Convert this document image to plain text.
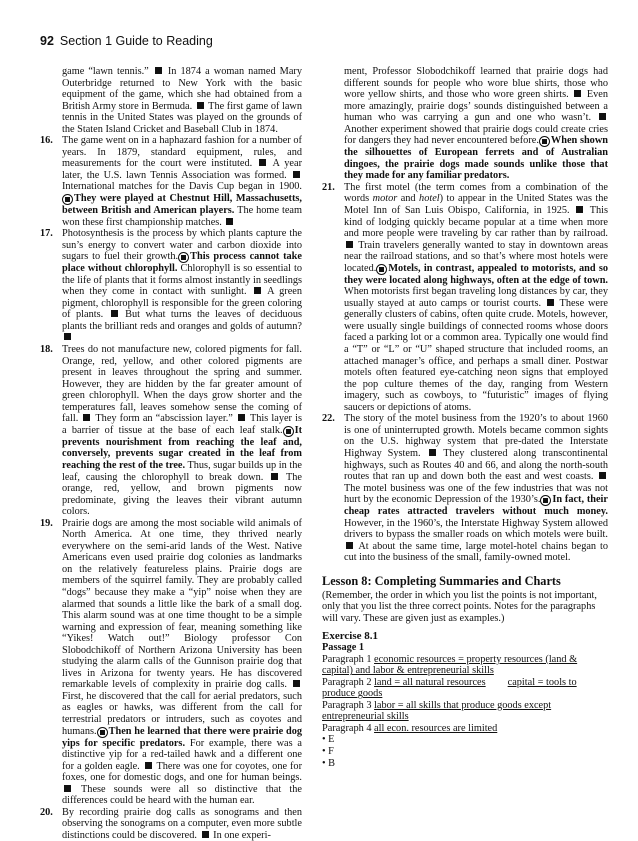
92 Section 1 Guide to Reading

game “lawn tennis.”  In 1874 a woman named Mary Outerbridge returned to New York with the basic equipment of the game, which she had obtained from a British Army store in Bermuda.  The first game of lawn tennis in the United States was played on the grounds of the Staten Island Cricket and Baseball Club in 1874.

16. The game went on in a haphazard fashion for a number of years. In 1879, standard equipment, rules, and measurements for the court were instituted.  A year later, the U.S. lawn Tennis Association was formed.  International matches for the Davis Cup began in 1900.
They were played at Chestnut Hill, Massachusetts, between British and American players. The home team won these first championship matches.

17. Photosynthesis is the process by which plants capture the sun’s energy to convert water and carbon dioxide into sugars to fuel their growth. This process cannot take place without chlorophyll. Chlorophyll is so essential to the life of plants that it forms almost instantly in seedlings when they come in contact with sunlight.  A green pigment, chlorophyll is responsible for the green coloring of plants.  But what turns the leaves of deciduous plants the brilliant reds and oranges and golds of autumn?

18. Trees do not manufacture new, colored pigments for fall. Orange, red, yellow, and other colored pigments are present in leaves throughout the spring and summer. However, they are hidden by the far greater amount of green chlorophyll. When the days grow shorter and the temperatures fall, leaves somehow sense the coming of fall.  They form an “abscission layer.”  This layer is a barrier of tissue at the base of each leaf stalk. It prevents nourishment from reaching the leaf and, conversely, prevents sugar created in the leaf from reaching the rest of the tree. Thus, sugar builds up in the leaf, causing the chlorophyll to break down.  The orange, red, yellow, and brown pigments now predominate, giving the leaves their vibrant autumn colors.

19. Prairie dogs are among the most sociable wild animals of North America. At one time, they thrived nearly everywhere on the semi-arid lands of the West. Native Americans even used prairie dog colonies as landmarks on the relatively featureless plains. Prairie dogs are members of the squirrel family. They are probably called “dogs” because they make a “yip” noise when they are alarmed that sounds a little like the bark of a small dog. This alarm sound was at one time thought to be a simple warning and expression of fear, meaning something like “Yikes! Watch out!” Biology professor Con Slobodchikoff of Northern Arizona University has been studying the alarm calls of the Gunnison prairie dog that lives in Arizona for twenty years. He has discovered remarkable levels of complexity in prairie dog calls.  First, he discovered that the call for aerial predators, such as eagles or hawks, was different from the call for terrestrial predators or intruders, such as coyotes and humans. Then he learned that there were prairie dog yips for specific predators. For example, there was a distinctive yip for a red-tailed hawk and a different one for a golden eagle.  There was one for coyotes, one for foxes, one for domestic dogs, and one for human beings.  These sounds were all so distinctive that the differences could be heard with the human ear.

20. By recording prairie dog calls as sonograms and then observing the sonograms on a computer, even more subtle distinctions could be discovered.  In one experi-

ment, Professor Slobodchikoff learned that prairie dogs had different sounds for people who wore blue shirts, those who wore yellow shirts, and those who wore green shirts.  Even more amazingly, prairie dogs’ sounds distinguished between a human who was carrying a gun and one who wasn’t.  Another experiment showed that prairie dogs could create cries for dangers they had never encountered before. When shown the silhouettes of European ferrets and of Australian dingoes, the prairie dogs made sounds unlike those that they made for any familiar predators.

21. The first motel (the term comes from a combination of the words motor and hotel) to appear in the United States was the Motel Inn of San Luis Obispo, California, in 1925.  This kind of lodging quickly became popular at a time when more and more people were traveling by car rather than by railroad.  Train travelers generally wanted to stay in downtown areas near the railroad stations, and so that’s where most hotels were located. Motels, in contrast, appealed to motorists, and so they were located along highways, often at the edge of town. When motorists first began traveling long distances by car, they usually stayed at auto camps or tourist courts.  These were generally clusters of cabins, often quite crude. Motels, however, were usually single buildings of connected rooms whose doors faced a parking lot or a common area. Typically one would find a “T” or “L” or “U” shaped structure that included rooms, an attached manager’s office, and perhaps a small diner. Postwar motels often featured eye-catching neon signs that employed the pop culture themes of the day, ranging from Western imagery, such as cowboys, to “futuristic” images of flying saucers or depictions of atoms.

22. The story of the motel business from the 1920’s to about 1960 is one of uninterrupted growth. Motels became common sights on the U.S. highway system that pre-dated the Interstate Highway System.  They clustered along transcontinental highways, such as Routes 40 and 66, and along the north-south routes that ran up and down both the east and west coasts.  The motel business was one of the few industries that was not hurt by the economic Depression of the 1930’s. In fact, their cheap rates attracted travelers without much money. However, in the 1960’s, the Interstate Highway System allowed drivers to bypass the smaller roads on which motels were built.  At about the same time, large motel-hotel chains began to cut into the business of the small, family-owned motel.

Lesson 8: Completing Summaries and Charts

(Remember, the order in which you list the points is not important, only that you list the three correct points. Notes for the paragraphs will vary. These are given just as examples.)

Exercise 8.1
Passage 1
Paragraph 1 economic resources = property resources (land & capital) and labor & entrepreneurial skills
Paragraph 2 land = all natural resources capital = tools to produce goods
Paragraph 3 labor = all skills that produce goods except entrepreneurial skills
Paragraph 4 all econ. resources are limited

• E

• F

• B
